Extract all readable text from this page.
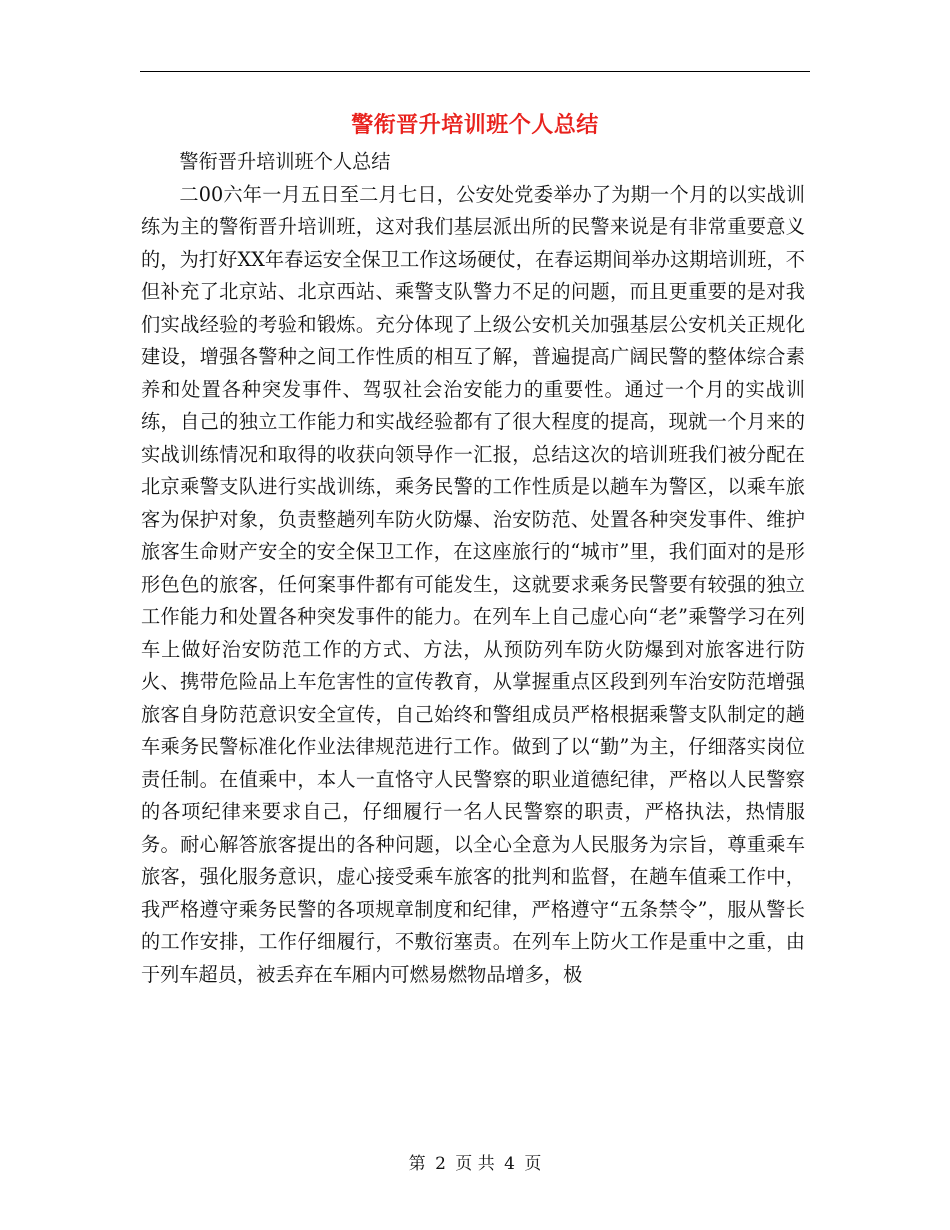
警衔晋升培训班个人总结

警衔晋升培训班个人总结

二00六年一月五日至二月七日，公安处党委举办了为期一个月的以实战训练为主的警衔晋升培训班，这对我们基层派出所的民警来说是有非常重要意义的，为打好XX年春运安全保卫工作这场硬仗，在春运期间举办这期培训班，不但补充了北京站、北京西站、乘警支队警力不足的问题，而且更重要的是对我们实战经验的考验和锻炼。充分体现了上级公安机关加强基层公安机关正规化建设，增强各警种之间工作性质的相互了解，普遍提高广阔民警的整体综合素养和处置各种突发事件、驾驭社会治安能力的重要性。通过一个月的实战训练，自己的独立工作能力和实战经验都有了很大程度的提高，现就一个月来的实战训练情况和取得的收获向领导作一汇报，总结这次的培训班我们被分配在北京乘警支队进行实战训练，乘务民警的工作性质是以趟车为警区，以乘车旅客为保护对象，负责整趟列车防火防爆、治安防范、处置各种突发事件、维护旅客生命财产安全的安全保卫工作，在这座旅行的“城市”里，我们面对的是形形色色的旅客，任何案事件都有可能发生，这就要求乘务民警要有较强的独立工作能力和处置各种突发事件的能力。在列车上自己虚心向“老”乘警学习在列车上做好治安防范工作的方式、方法，从预防列车防火防爆到对旅客进行防火、携带危险品上车危害性的宣传教育，从掌握重点区段到列车治安防范增强旅客自身防范意识安全宣传，自己始终和警组成员严格根据乘警支队制定的趟车乘务民警标准化作业法律规范进行工作。做到了以“勤”为主，仔细落实岗位责任制。在值乘中，本人一直恪守人民警察的职业道德纪律，严格以人民警察的各项纪律来要求自己，仔细履行一名人民警察的职责，严格执法，热情服务。耐心解答旅客提出的各种问题，以全心全意为人民服务为宗旨，尊重乘车旅客，强化服务意识，虚心接受乘车旅客的批判和监督，在趟车值乘工作中，我严格遵守乘务民警的各项规章制度和纪律，严格遵守“五条禁令”，服从警长的工作安排，工作仔细履行，不敷衍塞责。在列车上防火工作是重中之重，由于列车超员，被丢弃在车厢内可燃易燃物品增多，极

第 2 页 共 4 页
